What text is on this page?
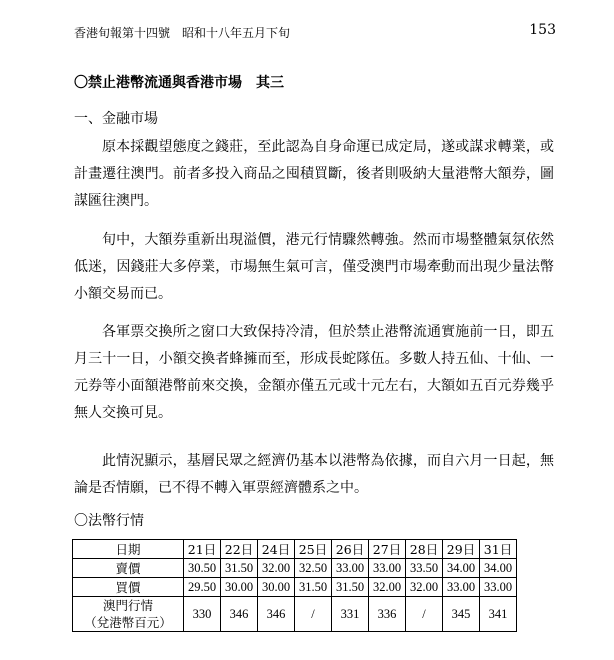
香港旬報第十四號　昭和十八年五月下旬	153
〇禁止港幣流通與香港市場　其三
一、金融市場

原本採觀望態度之錢莊，至此認為自身命運已成定局，遂或謀求轉業，或計畫遷往澳門。前者多投入商品之囤積買斷，後者則吸納大量港幣大額券，圖謀匯往澳門。

旬中，大額券重新出現溢價，港元行情驟然轉強。然而市場整體氣氛依然低迷，因錢莊大多停業，市場無生氣可言，僅受澳門市場牽動而出現少量法幣小額交易而已。

各軍票交換所之窗口大致保持冷清，但於禁止港幣流通實施前一日，即五月三十一日，小額交換者蜂擁而至，形成長蛇隊伍。多數人持五仙、十仙、一元券等小面額港幣前來交換，金額亦僅五元或十元左右，大額如五百元券幾乎無人交換可見。

此情況顯示，基層民眾之經濟仍基本以港幣為依據，而自六月一日起，無論是否情願，已不得不轉入軍票經濟體系之中。

〇法幣行情
日期	21日	22日	24日	25日	26日	27日	28日	29日	31日
賣價	30.50	31.50	32.00	32.50	33.00	33.00	33.50	34.00	34.00
買價	29.50	30.00	30.00	31.50	31.50	32.00	32.00	33.00	33.00

澳門行情
（兌港幣百元）	330	346	346	/	331	336	/	345	341
